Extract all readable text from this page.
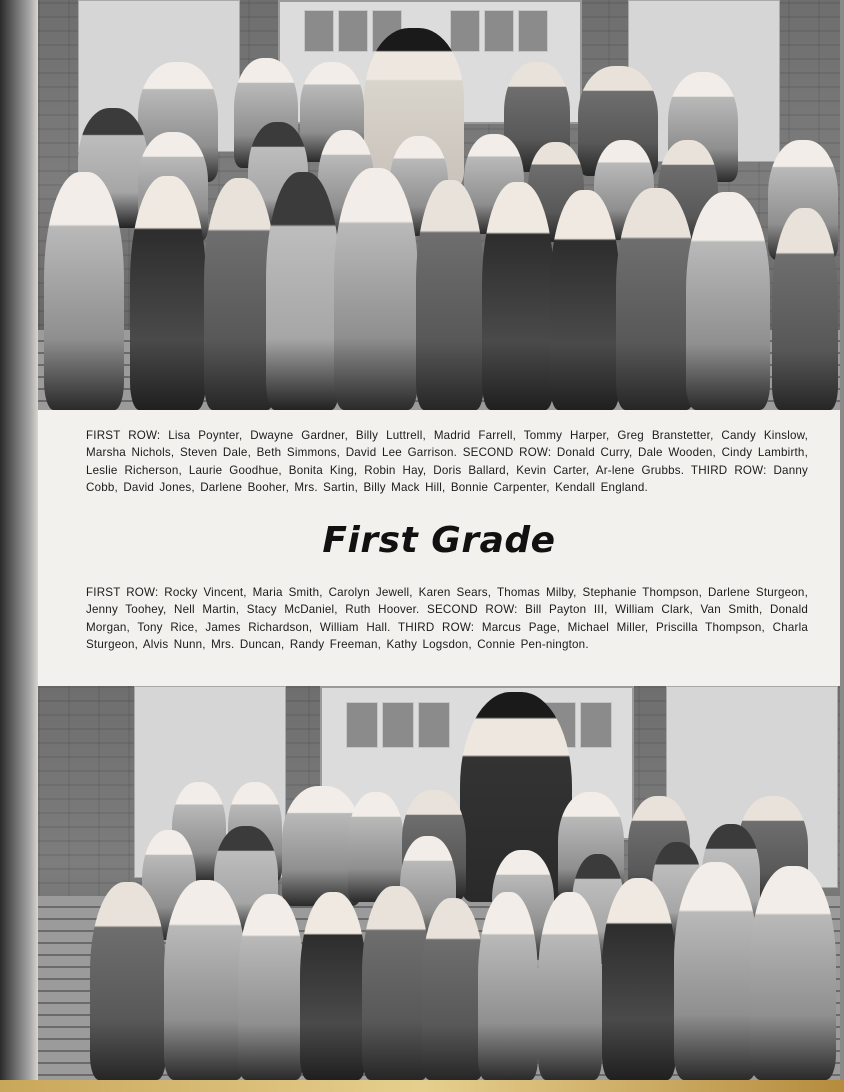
FIRST ROW: Lisa Poynter, Dwayne Gardner, Billy Luttrell, Madrid Farrell, Tommy Harper, Greg Branstetter, Candy Kinslow, Marsha Nichols, Steven Dale, Beth Simmons, David Lee Garrison. SECOND ROW: Donald Curry, Dale Wooden, Cindy Lambirth, Leslie Richerson, Laurie Goodhue, Bonita King, Robin Hay, Doris Ballard, Kevin Carter, Ar-lene Grubbs. THIRD ROW: Danny Cobb, David Jones, Darlene Booher, Mrs. Sartin, Billy Mack Hill, Bonnie Carpenter, Kendall England.
First Grade
FIRST ROW: Rocky Vincent, Maria Smith, Carolyn Jewell, Karen Sears, Thomas Milby, Stephanie Thompson, Darlene Sturgeon, Jenny Toohey, Nell Martin, Stacy McDaniel, Ruth Hoover. SECOND ROW: Bill Payton III, William Clark, Van Smith, Donald Morgan, Tony Rice, James Richardson, William Hall. THIRD ROW: Marcus Page, Michael Miller, Priscilla Thompson, Charla Sturgeon, Alvis Nunn, Mrs. Duncan, Randy Freeman, Kathy Logsdon, Connie Pen-nington.
